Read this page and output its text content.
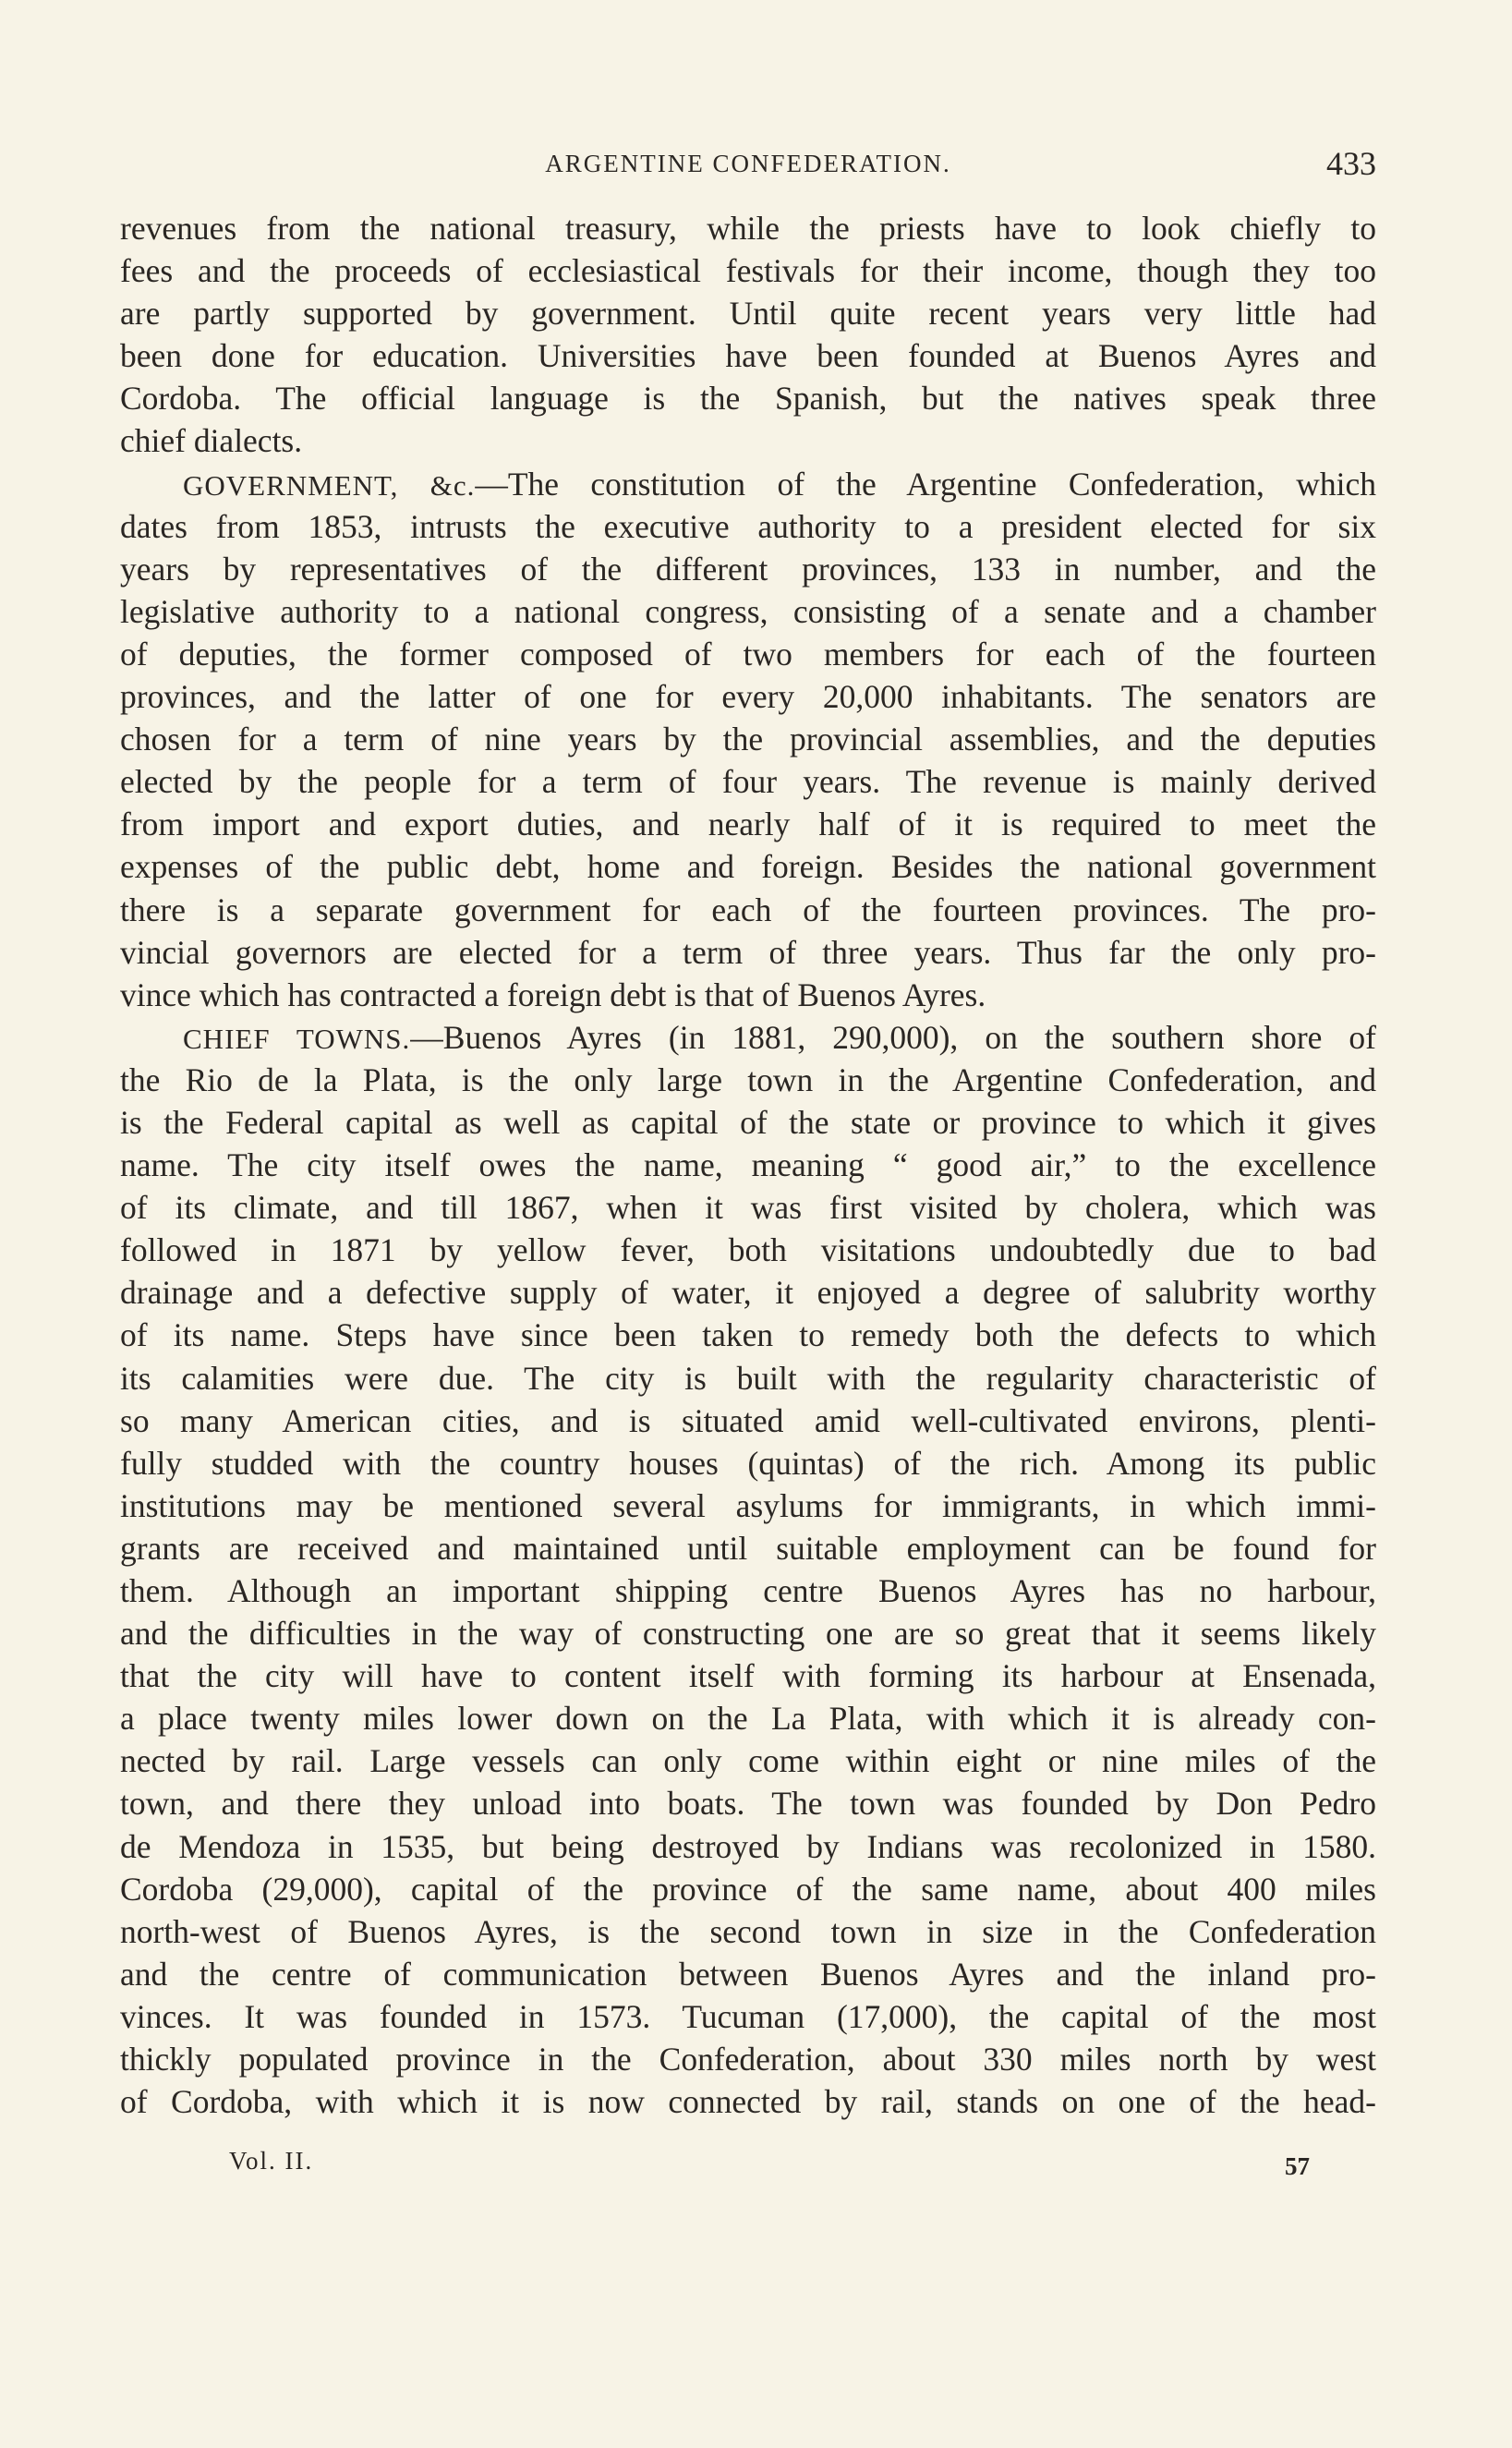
ARGENTINE CONFEDERATION.	433
revenues from the national treasury, while the priests have to look chiefly to
fees and the proceeds of ecclesiastical festivals for their income, though they too
are partly supported by government. Until quite recent years very little had
been done for education. Universities have been founded at Buenos Ayres and
Cordoba. The official language is the Spanish, but the natives speak three
chief dialects.
GOVERNMENT, &c.—The constitution of the Argentine Confederation, which
dates from 1853, intrusts the executive authority to a president elected for six
years by representatives of the different provinces, 133 in number, and the
legislative authority to a national congress, consisting of a senate and a chamber
of deputies, the former composed of two members for each of the fourteen
provinces, and the latter of one for every 20,000 inhabitants. The senators are
chosen for a term of nine years by the provincial assemblies, and the deputies
elected by the people for a term of four years. The revenue is mainly derived
from import and export duties, and nearly half of it is required to meet the
expenses of the public debt, home and foreign. Besides the national government
there is a separate government for each of the fourteen provinces. The pro-
vincial governors are elected for a term of three years. Thus far the only pro-
vince which has contracted a foreign debt is that of Buenos Ayres.
CHIEF TOWNS.—Buenos Ayres (in 1881, 290,000), on the southern shore of
the Rio de la Plata, is the only large town in the Argentine Confederation, and
is the Federal capital as well as capital of the state or province to which it gives
name. The city itself owes the name, meaning “ good air,” to the excellence
of its climate, and till 1867, when it was first visited by cholera, which was
followed in 1871 by yellow fever, both visitations undoubtedly due to bad
drainage and a defective supply of water, it enjoyed a degree of salubrity worthy
of its name. Steps have since been taken to remedy both the defects to which
its calamities were due. The city is built with the regularity characteristic of
so many American cities, and is situated amid well-cultivated environs, plenti-
fully studded with the country houses (quintas) of the rich. Among its public
institutions may be mentioned several asylums for immigrants, in which immi-
grants are received and maintained until suitable employment can be found for
them. Although an important shipping centre Buenos Ayres has no harbour,
and the difficulties in the way of constructing one are so great that it seems likely
that the city will have to content itself with forming its harbour at Ensenada,
a place twenty miles lower down on the La Plata, with which it is already con-
nected by rail. Large vessels can only come within eight or nine miles of the
town, and there they unload into boats. The town was founded by Don Pedro
de Mendoza in 1535, but being destroyed by Indians was recolonized in 1580.
Cordoba (29,000), capital of the province of the same name, about 400 miles
north-west of Buenos Ayres, is the second town in size in the Confederation
and the centre of communication between Buenos Ayres and the inland pro-
vinces. It was founded in 1573. Tucuman (17,000), the capital of the most
thickly populated province in the Confederation, about 330 miles north by west
of Cordoba, with which it is now connected by rail, stands on one of the head-
Vol. II.	57
